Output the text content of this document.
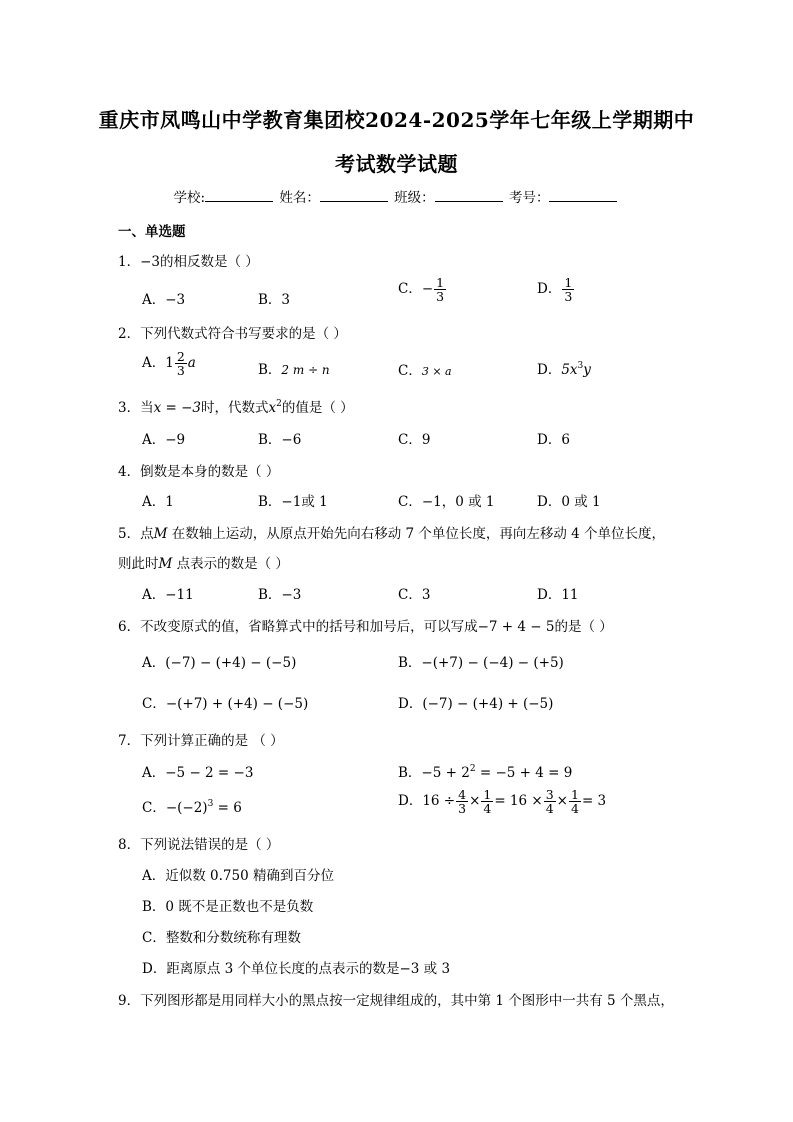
重庆市凤鸣山中学教育集团校2024-2025学年七年级上学期期中
考试数学试题
学校:	姓名：	班级：	考号：
一、单选题
1．−3的相反数是（ ）
A．−3	B．3
C．− $\frac{1}{3}$	D． $\frac{1}{3}$
2．下列代数式符合书写要求的是（ ）
A．$1 \frac{2}{3}$ a	B．2 m ÷ n	C．3 × a	D．$5x^3y$
3．当x = −3时，代数式$x^2$的值是（ ）
A．−9	B．−6	C．9	D．6
4．倒数是本身的数是（ ）
A．1	B．−1或 1	C．−1，0 或 1	D．0 或 1
5．点M 在数轴上运动，从原点开始先向右移动 7 个单位长度，再向左移动 4 个单位长度，
则此时M 点表示的数是（ ）
A．−11	B．−3	C．3	D．11
6．不改变原式的值，省略算式中的括号和加号后，可以写成−7 + 4 − 5的是（ ）
A．(−7) − (+4) − (−5)	B．−(+7) − (−4) − (+5)
C．−(+7) + (+4) − (−5)	D．(−7) − (+4) + (−5)
7．下列计算正确的是 （ ）
A．−5 − 2 = −3	B．$-5 + 2^2 = -5 + 4 = 9$
C．$-(-2)^3 = 6$	D．$16 \div \frac{4}{3} \times \frac{1}{4} = 16 \times \frac{3}{4} \times \frac{1}{4} = 3$
8．下列说法错误的是（ ）
A．近似数 0.750 精确到百分位
B．0 既不是正数也不是负数
C．整数和分数统称有理数
D．距离原点 3 个单位长度的点表示的数是−3 或 3
9．下列图形都是用同样大小的黑点按一定规律组成的，其中第 1 个图形中一共有 5 个黑点，
